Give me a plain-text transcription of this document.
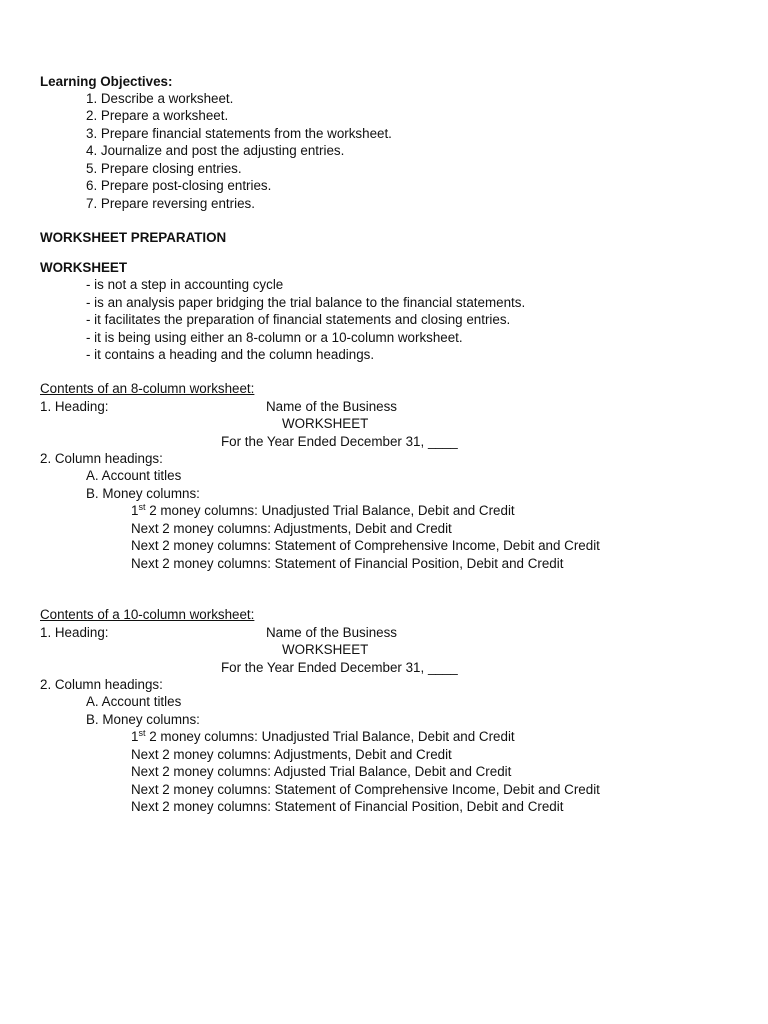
Learning Objectives:
1. Describe a worksheet.
2. Prepare a worksheet.
3. Prepare financial statements from the worksheet.
4. Journalize and post the adjusting entries.
5. Prepare closing entries.
6. Prepare post-closing entries.
7. Prepare reversing entries.
WORKSHEET PREPARATION
WORKSHEET
- is not a step in accounting cycle
- is an analysis paper bridging the trial balance to the financial statements.
- it facilitates the preparation of financial statements and closing entries.
- it is being using either an 8-column or a 10-column worksheet.
- it contains a heading and the column headings.
Contents of an 8-column worksheet:
1. Heading:	Name of the Business
WORKSHEET
For the Year Ended December 31, ____
2. Column headings:
A. Account titles
B. Money columns:
1st 2 money columns: Unadjusted Trial Balance, Debit and Credit
Next 2 money columns: Adjustments, Debit and Credit
Next 2 money columns: Statement of Comprehensive Income, Debit and Credit
Next 2 money columns: Statement of Financial Position, Debit and Credit
Contents of a 10-column worksheet:
1. Heading:	Name of the Business
WORKSHEET
For the Year Ended December 31, ____
2. Column headings:
A. Account titles
B. Money columns:
1st 2 money columns: Unadjusted Trial Balance, Debit and Credit
Next 2 money columns: Adjustments, Debit and Credit
Next 2 money columns: Adjusted Trial Balance, Debit and Credit
Next 2 money columns: Statement of Comprehensive Income, Debit and Credit
Next 2 money columns: Statement of Financial Position, Debit and Credit
